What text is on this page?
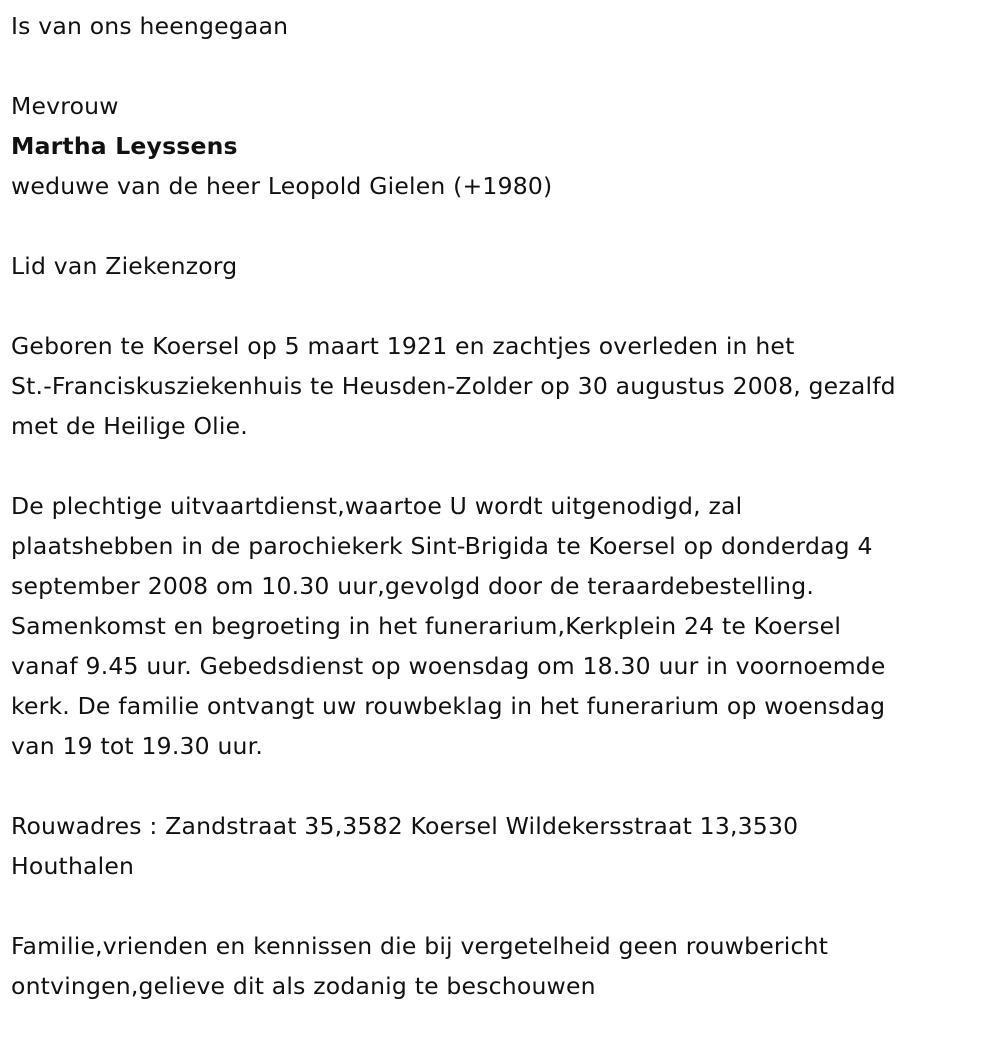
Is van ons heengegaan
Mevrouw
Martha Leyssens
weduwe van de heer Leopold Gielen (+1980)
Lid van Ziekenzorg
Geboren te Koersel op 5 maart 1921 en zachtjes overleden in het
St.-Franciskusziekenhuis te Heusden-Zolder op 30 augustus 2008, gezalfd
met de Heilige Olie.
De plechtige uitvaartdienst,waartoe U wordt uitgenodigd, zal
plaatshebben in de parochiekerk Sint-Brigida te Koersel op donderdag 4
september 2008 om 10.30 uur,gevolgd door de teraardebestelling.
Samenkomst en begroeting in het funerarium,Kerkplein 24 te Koersel
vanaf 9.45 uur. Gebedsdienst op woensdag om 18.30 uur in voornoemde
kerk. De familie ontvangt uw rouwbeklag in het funerarium op woensdag
van 19 tot 19.30 uur.
Rouwadres : Zandstraat 35,3582 Koersel Wildekersstraat 13,3530
Houthalen
Familie,vrienden en kennissen die bij vergetelheid geen rouwbericht
ontvingen,gelieve dit als zodanig te beschouwen
